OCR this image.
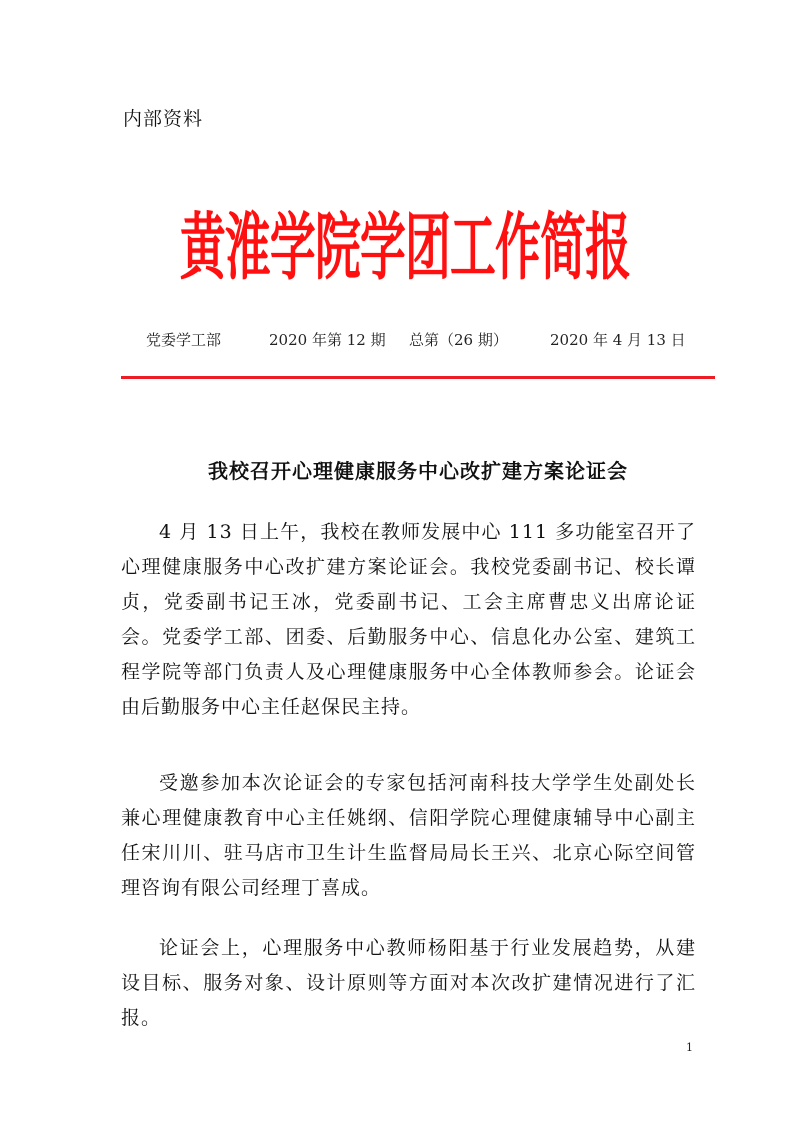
内部资料
黄淮学院学团工作简报
党委学工部	2020 年第 12 期 总第（26 期）	2020 年 4 月 13 日
我校召开心理健康服务中心改扩建方案论证会

4 月 13 日上午，我校在教师发展中心 111 多功能室召开了心理健康服务中心改扩建方案论证会。我校党委副书记、校长谭贞，党委副书记王冰，党委副书记、工会主席曹忠义出席论证会。党委学工部、团委、后勤服务中心、信息化办公室、建筑工程学院等部门负责人及心理健康服务中心全体教师参会。论证会由后勤服务中心主任赵保民主持。

受邀参加本次论证会的专家包括河南科技大学学生处副处长兼心理健康教育中心主任姚纲、信阳学院心理健康辅导中心副主任宋川川、驻马店市卫生计生监督局局长王兴、北京心际空间管理咨询有限公司经理丁喜成。

论证会上，心理服务中心教师杨阳基于行业发展趋势，从建设目标、服务对象、设计原则等方面对本次改扩建情况进行了汇报。

1
